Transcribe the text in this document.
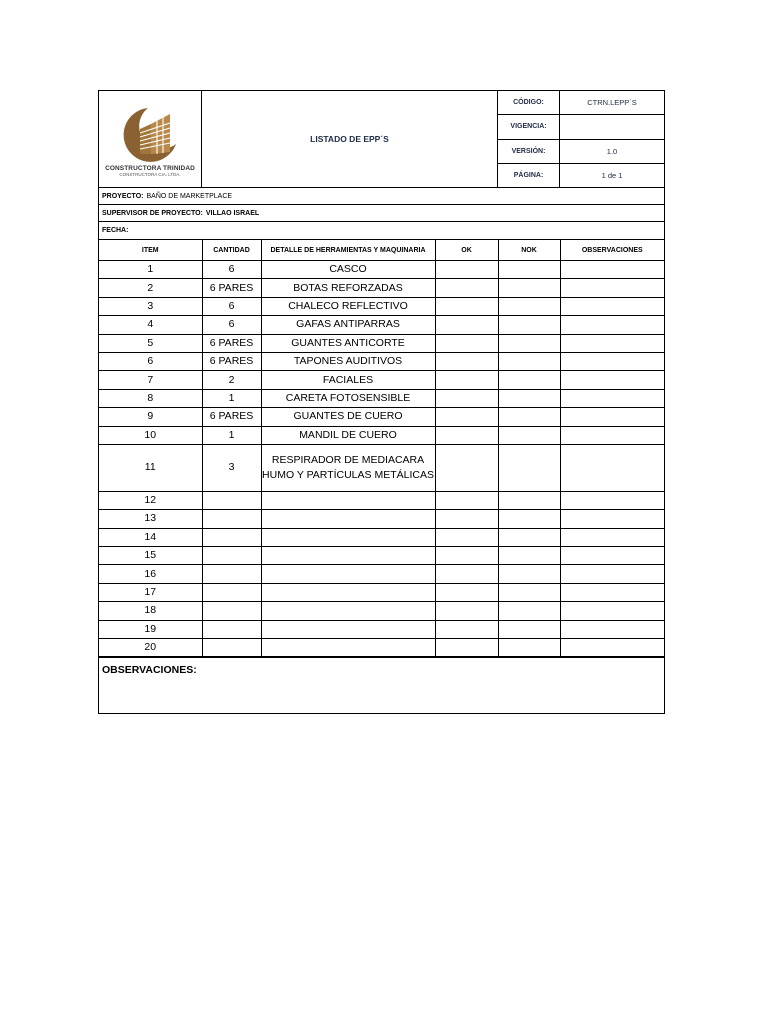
CONSTRUCTORA TRINIDAD
CONSTRUCTORA CIA. LTDA.
LISTADO DE EPP´S
CÓDIGO:	CTRN.LEPP´S
VIGENCIA:
VERSIÓN:	1.0
PÁGINA:	1 de 1
PROYECTO: BAÑO DE MARKETPLACE
SUPERVISOR DE PROYECTO: VILLAO ISRAEL
FECHA:
ITEM	CANTIDAD	DETALLE DE HERRAMIENTAS Y MAQUINARIA	OK	NOK	OBSERVACIONES
1	6	CASCO			
2	6 PARES	BOTAS REFORZADAS			
3	6	CHALECO REFLECTIVO			
4	6	GAFAS ANTIPARRAS			
5	6 PARES	GUANTES ANTICORTE			
6	6 PARES	TAPONES AUDITIVOS			
7	2	FACIALES			
8	1	CARETA FOTOSENSIBLE			
9	6 PARES	GUANTES DE CUERO			
10	1	MANDIL DE CUERO			
11	3	RESPIRADOR DE MEDIACARA HUMO Y PARTÍCULAS METÁLICAS			
12					
13					
14					
15					
16					
17					
18					
19					
20					
OBSERVACIONES:
